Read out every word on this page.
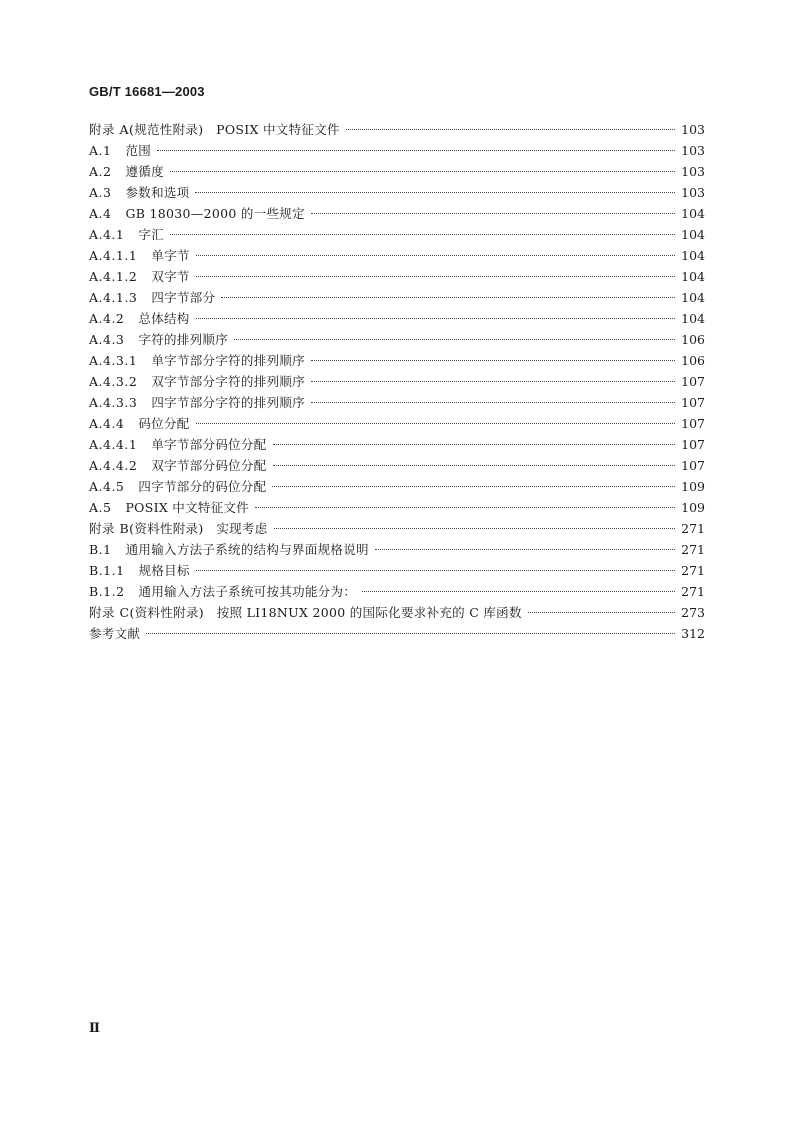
GB/T 16681—2003
附录 A (规范性附录)　POSIX 中文特征文件	103
A.1 范围	103
A.2 遵循度	103
A.3 参数和选项	103
A.4 GB 18030—2000 的一些规定	104
A.4.1 字汇	104
A.4.1.1 单字节	104
A.4.1.2 双字节	104
A.4.1.3 四字节部分	104
A.4.2 总体结构	104
A.4.3 字符的排列顺序	106
A.4.3.1 单字节部分字符的排列顺序	106
A.4.3.2 双字节部分字符的排列顺序	107
A.4.3.3 四字节部分字符的排列顺序	107
A.4.4 码位分配	107
A.4.4.1 单字节部分码位分配	107
A.4.4.2 双字节部分码位分配	107
A.4.5 四字节部分的码位分配	109
A.5 POSIX 中文特征文件	109
附录 B (资料性附录)　实现考虑	271
B.1 通用输入方法子系统的结构与界面规格说明	271
B.1.1 规格目标	271
B.1.2 通用输入方法子系统可按其功能分为：	271
附录 C (资料性附录)　按照 LI18NUX 2000 的国际化要求补充的 C 库函数	273
参考文献	312
Ⅱ
